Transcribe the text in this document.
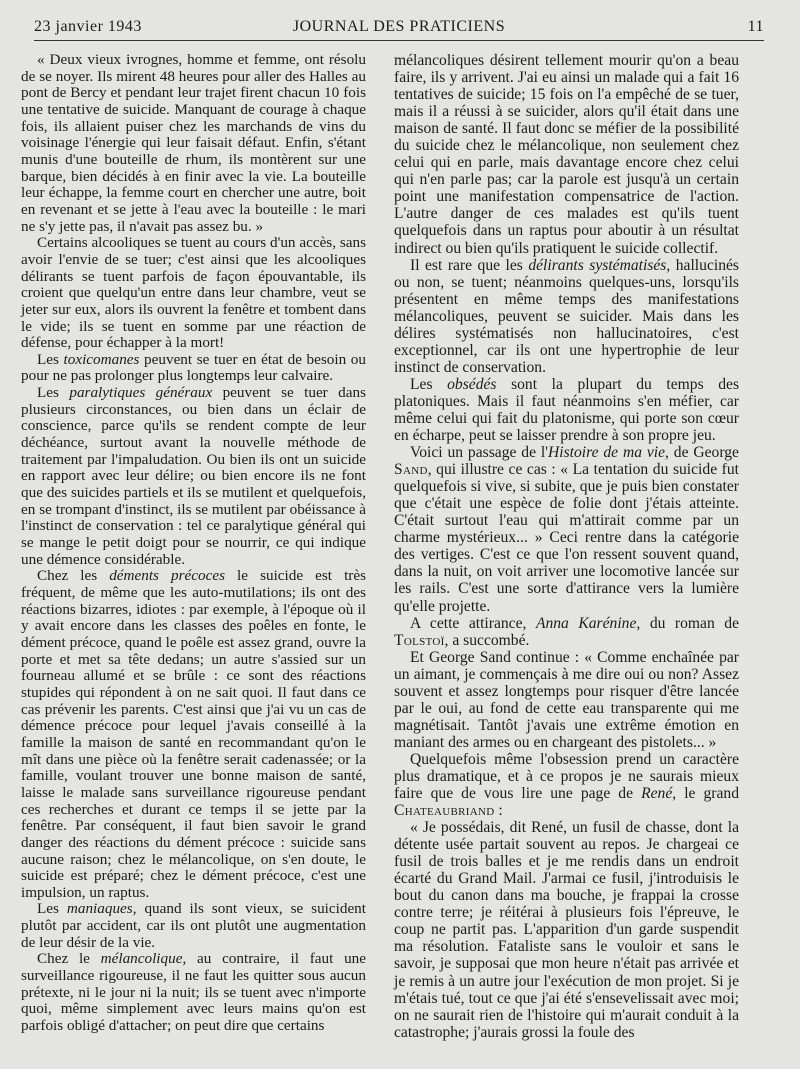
23 janvier 1943	JOURNAL DES PRATICIENS	11

« Deux vieux ivrognes, homme et femme, ont résolu de se noyer. Ils mirent 48 heures pour aller des Halles au pont de Bercy et pendant leur trajet firent chacun 10 fois une tentative de suicide. Manquant de courage à chaque fois, ils allaient puiser chez les marchands de vins du voisinage l'énergie qui leur faisait défaut. Enfin, s'étant munis d'une bouteille de rhum, ils montèrent sur une barque, bien décidés à en finir avec la vie. La bouteille leur échappe, la femme court en chercher une autre, boit en revenant et se jette à l'eau avec la bouteille : le mari ne s'y jette pas, il n'avait pas assez bu. »

Certains alcooliques se tuent au cours d'un accès, sans avoir l'envie de se tuer; c'est ainsi que les alcooliques délirants se tuent parfois de façon épouvantable, ils croient que quelqu'un entre dans leur chambre, veut se jeter sur eux, alors ils ouvrent la fenêtre et tombent dans le vide; ils se tuent en somme par une réaction de défense, pour échapper à la mort!

Les toxicomanes peuvent se tuer en état de besoin ou pour ne pas prolonger plus longtemps leur calvaire.

Les paralytiques généraux peuvent se tuer dans plusieurs circonstances, ou bien dans un éclair de conscience, parce qu'ils se rendent compte de leur déchéance, surtout avant la nouvelle méthode de traitement par l'impaludation. Ou bien ils ont un suicide en rapport avec leur délire; ou bien encore ils ne font que des suicides partiels et ils se mutilent et quelquefois, en se trompant d'instinct, ils se mutilent par obéissance à l'instinct de conservation : tel ce paralytique général qui se mange le petit doigt pour se nourrir, ce qui indique une démence considérable.

Chez les déments précoces le suicide est très fréquent, de même que les auto-mutilations; ils ont des réactions bizarres, idiotes : par exemple, à l'époque où il y avait encore dans les classes des poêles en fonte, le dément précoce, quand le poêle est assez grand, ouvre la porte et met sa tête dedans; un autre s'assied sur un fourneau allumé et se brûle : ce sont des réactions stupides qui répondent à on ne sait quoi. Il faut dans ce cas prévenir les parents. C'est ainsi que j'ai vu un cas de démence précoce pour lequel j'avais conseillé à la famille la maison de santé en recommandant qu'on le mît dans une pièce où la fenêtre serait cadenassée; or la famille, voulant trouver une bonne maison de santé, laisse le malade sans surveillance rigoureuse pendant ces recherches et durant ce temps il se jette par la fenêtre. Par conséquent, il faut bien savoir le grand danger des réactions du dément précoce : suicide sans aucune raison; chez le mélancolique, on s'en doute, le suicide est préparé; chez le dément précoce, c'est une impulsion, un raptus.

Les maniaques, quand ils sont vieux, se suicident plutôt par accident, car ils ont plutôt une augmentation de leur désir de la vie.

Chez le mélancolique, au contraire, il faut une surveillance rigoureuse, il ne faut les quitter sous aucun prétexte, ni le jour ni la nuit; ils se tuent avec n'importe quoi, même simplement avec leurs mains qu'on est parfois obligé d'attacher; on peut dire que certains

mélancoliques désirent tellement mourir qu'on a beau faire, ils y arrivent. J'ai eu ainsi un malade qui a fait 16 tentatives de suicide; 15 fois on l'a empêché de se tuer, mais il a réussi à se suicider, alors qu'il était dans une maison de santé. Il faut donc se méfier de la possibilité du suicide chez le mélancolique, non seulement chez celui qui en parle, mais davantage encore chez celui qui n'en parle pas; car la parole est jusqu'à un certain point une manifestation compensatrice de l'action. L'autre danger de ces malades est qu'ils tuent quelquefois dans un raptus pour aboutir à un résultat indirect ou bien qu'ils pratiquent le suicide collectif.

Il est rare que les délirants systématisés, hallucinés ou non, se tuent; néanmoins quelques-uns, lorsqu'ils présentent en même temps des manifestations mélancoliques, peuvent se suicider. Mais dans les délires systématisés non hallucinatoires, c'est exceptionnel, car ils ont une hypertrophie de leur instinct de conservation.

Les obsédés sont la plupart du temps des platoniques. Mais il faut néanmoins s'en méfier, car même celui qui fait du platonisme, qui porte son cœur en écharpe, peut se laisser prendre à son propre jeu.

Voici un passage de l'Histoire de ma vie, de George Sand, qui illustre ce cas : « La tentation du suicide fut quelquefois si vive, si subite, que je puis bien constater que c'était une espèce de folie dont j'étais atteinte. C'était surtout l'eau qui m'attirait comme par un charme mystérieux... » Ceci rentre dans la catégorie des vertiges. C'est ce que l'on ressent souvent quand, dans la nuit, on voit arriver une locomotive lancée sur les rails. C'est une sorte d'attirance vers la lumière qu'elle projette.

A cette attirance, Anna Karénine, du roman de Tolstoï, a succombé.

Et George Sand continue : « Comme enchaînée par un aimant, je commençais à me dire oui ou non? Assez souvent et assez longtemps pour risquer d'être lancée par le oui, au fond de cette eau transparente qui me magnétisait. Tantôt j'avais une extrême émotion en maniant des armes ou en chargeant des pistolets... »

Quelquefois même l'obsession prend un caractère plus dramatique, et à ce propos je ne saurais mieux faire que de vous lire une page de René, le grand Chateaubriand :

« Je possédais, dit René, un fusil de chasse, dont la détente usée partait souvent au repos. Je chargeai ce fusil de trois balles et je me rendis dans un endroit écarté du Grand Mail. J'armai ce fusil, j'introduisis le bout du canon dans ma bouche, je frappai la crosse contre terre; je réitérai à plusieurs fois l'épreuve, le coup ne partit pas. L'apparition d'un garde suspendit ma résolution. Fataliste sans le vouloir et sans le savoir, je supposai que mon heure n'était pas arrivée et je remis à un autre jour l'exécution de mon projet. Si je m'étais tué, tout ce que j'ai été s'ensevelissait avec moi; on ne saurait rien de l'histoire qui m'aurait conduit à la catastrophe; j'aurais grossi la foule des
